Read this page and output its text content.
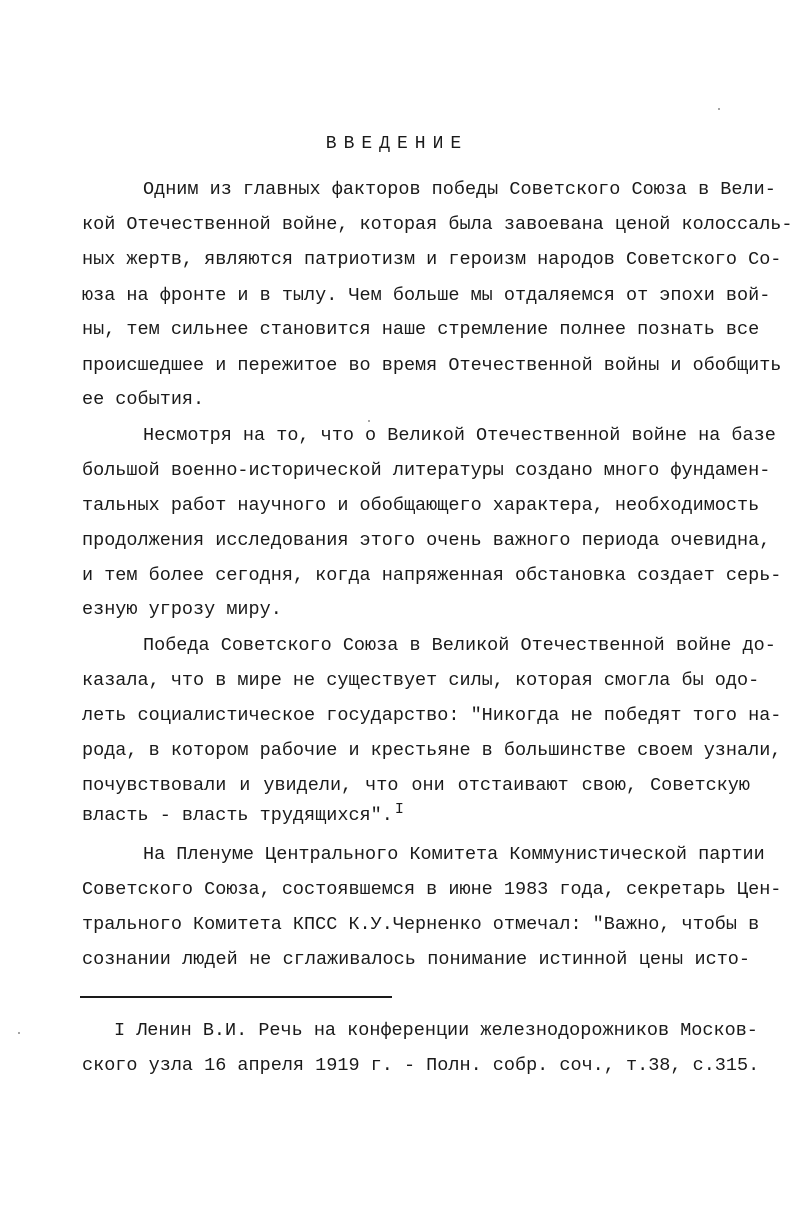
ВВЕДЕНИЕ
Одним из главных факторов победы Советского Союза в Вели-
кой Отечественной войне, которая была завоевана ценой колоссаль-
ных жертв, являются патриотизм и героизм народов Советского Со-
юза на фронте и в тылу. Чем больше мы отдаляемся от эпохи вой-
ны, тем сильнее становится наше стремление полнее познать все
происшедшее и пережитое во время Отечественной войны и обобщить
ее события.
Несмотря на то, что о Великой Отечественной войне на базе
большой военно-исторической литературы создано много фундамен-
тальных работ научного и обобщающего характера, необходимость
продолжения исследования этого очень важного периода очевидна,
и тем более сегодня, когда напряженная обстановка создает серь-
езную угрозу миру.
Победа Советского Союза в Великой Отечественной войне до-
казала, что в мире не существует силы, которая смогла бы одо-
леть социалистическое государство: "Никогда не победят того на-
рода, в котором рабочие и крестьяне в большинстве своем узнали,
почувствовали и увидели, что они отстаивают свою, Советскую
власть - власть трудящихся". $^I$
На Пленуме Центрального Комитета Коммунистической партии
Советского Союза, состоявшемся в июне 1983 года, секретарь Цен-
трального Комитета КПСС К.У.Черненко отмечал: "Важно, чтобы в
сознании людей не сглаживалось понимание истинной цены исто-
I Ленин В.И. Речь на конференции железнодорожников Москов-
ского узла 16 апреля 1919 г. - Полн. собр. соч., т.38, с.315.
